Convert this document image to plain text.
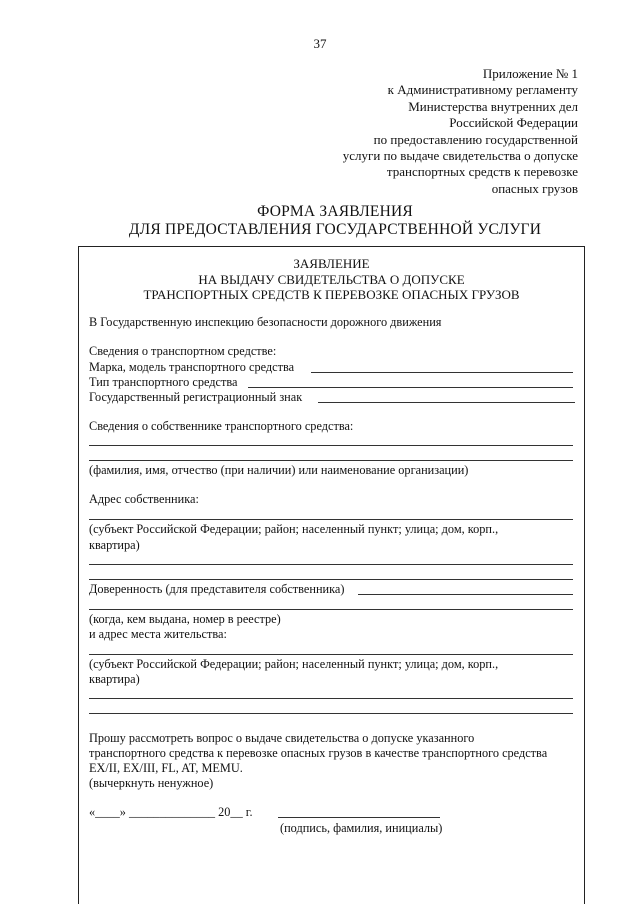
37
Приложение № 1
к Административному регламенту
Министерства внутренних дел
Российской Федерации
по предоставлению государственной
услуги по выдаче свидетельства о допуске
транспортных средств к перевозке
опасных грузов
ФОРМА ЗАЯВЛЕНИЯ
ДЛЯ ПРЕДОСТАВЛЕНИЯ ГОСУДАРСТВЕННОЙ УСЛУГИ
ЗАЯВЛЕНИЕ
НА ВЫДАЧУ СВИДЕТЕЛЬСТВА О ДОПУСКЕ
ТРАНСПОРТНЫХ СРЕДСТВ К ПЕРЕВОЗКЕ ОПАСНЫХ ГРУЗОВ
В Государственную инспекцию безопасности дорожного движения
Сведения о транспортном средстве:
Марка, модель транспортного средства
Тип транспортного средства
Государственный регистрационный знак
Сведения о собственнике транспортного средства:
(фамилия, имя, отчество (при наличии) или наименование организации)
Адрес собственника:
(субъект Российской Федерации; район; населенный пункт; улица; дом, корп.,
квартира)
Доверенность (для представителя собственника)
(когда, кем выдана, номер в реестре)
и адрес места жительства:
(субъект Российской Федерации; район; населенный пункт; улица; дом, корп.,
квартира)
Прошу рассмотреть вопрос о выдаче свидетельства о допуске указанного
транспортного средства к перевозке опасных грузов в качестве транспортного средства
EX/II, EX/III, FL, AT, MEMU.
(вычеркнуть ненужное)
«____» ______________ 20__ г.
(подпись, фамилия, инициалы)
